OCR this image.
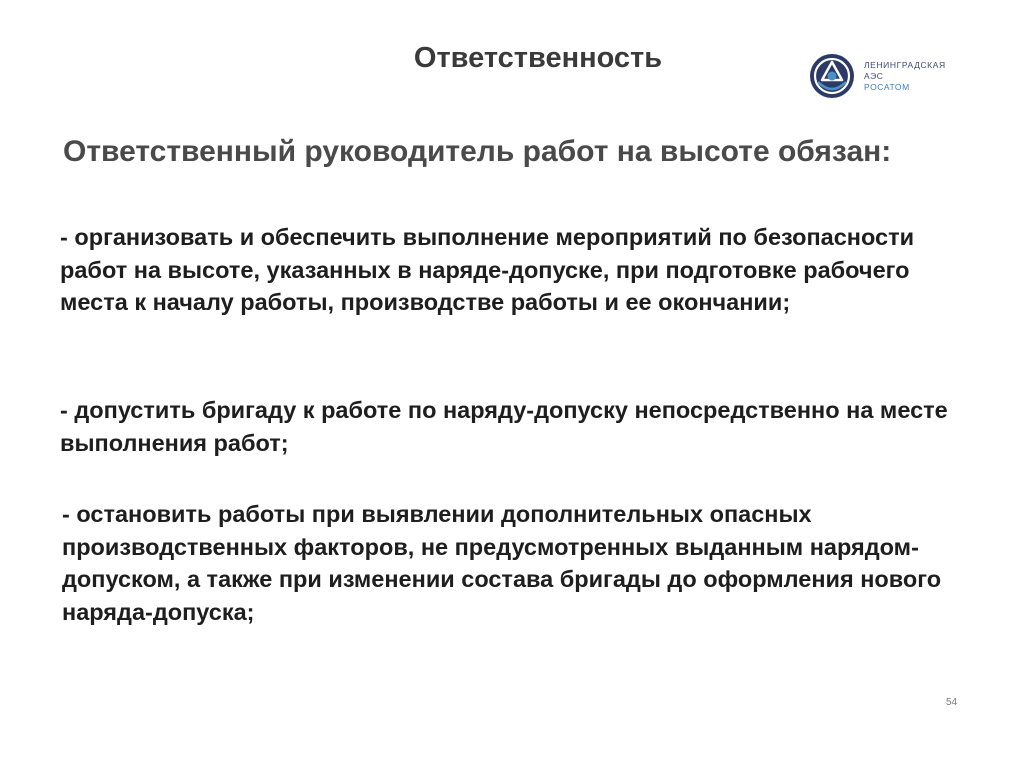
Ответственность	ЛЕНИНГРАДСКАЯ
АЭС
РОСАТОМ
Ответственный руководитель работ на высоте обязан:
- организовать и обеспечить выполнение мероприятий по безопасности работ на высоте, указанных в наряде-допуске, при подготовке рабочего места к началу работы, производстве работы и ее окончании;
- допустить бригаду к работе по наряду-допуску непосредственно на месте выполнения работ;
- остановить работы при выявлении дополнительных опасных производственных факторов, не предусмотренных выданным нарядом-допуском, а также при изменении состава бригады до оформления нового наряда-допуска;
54
